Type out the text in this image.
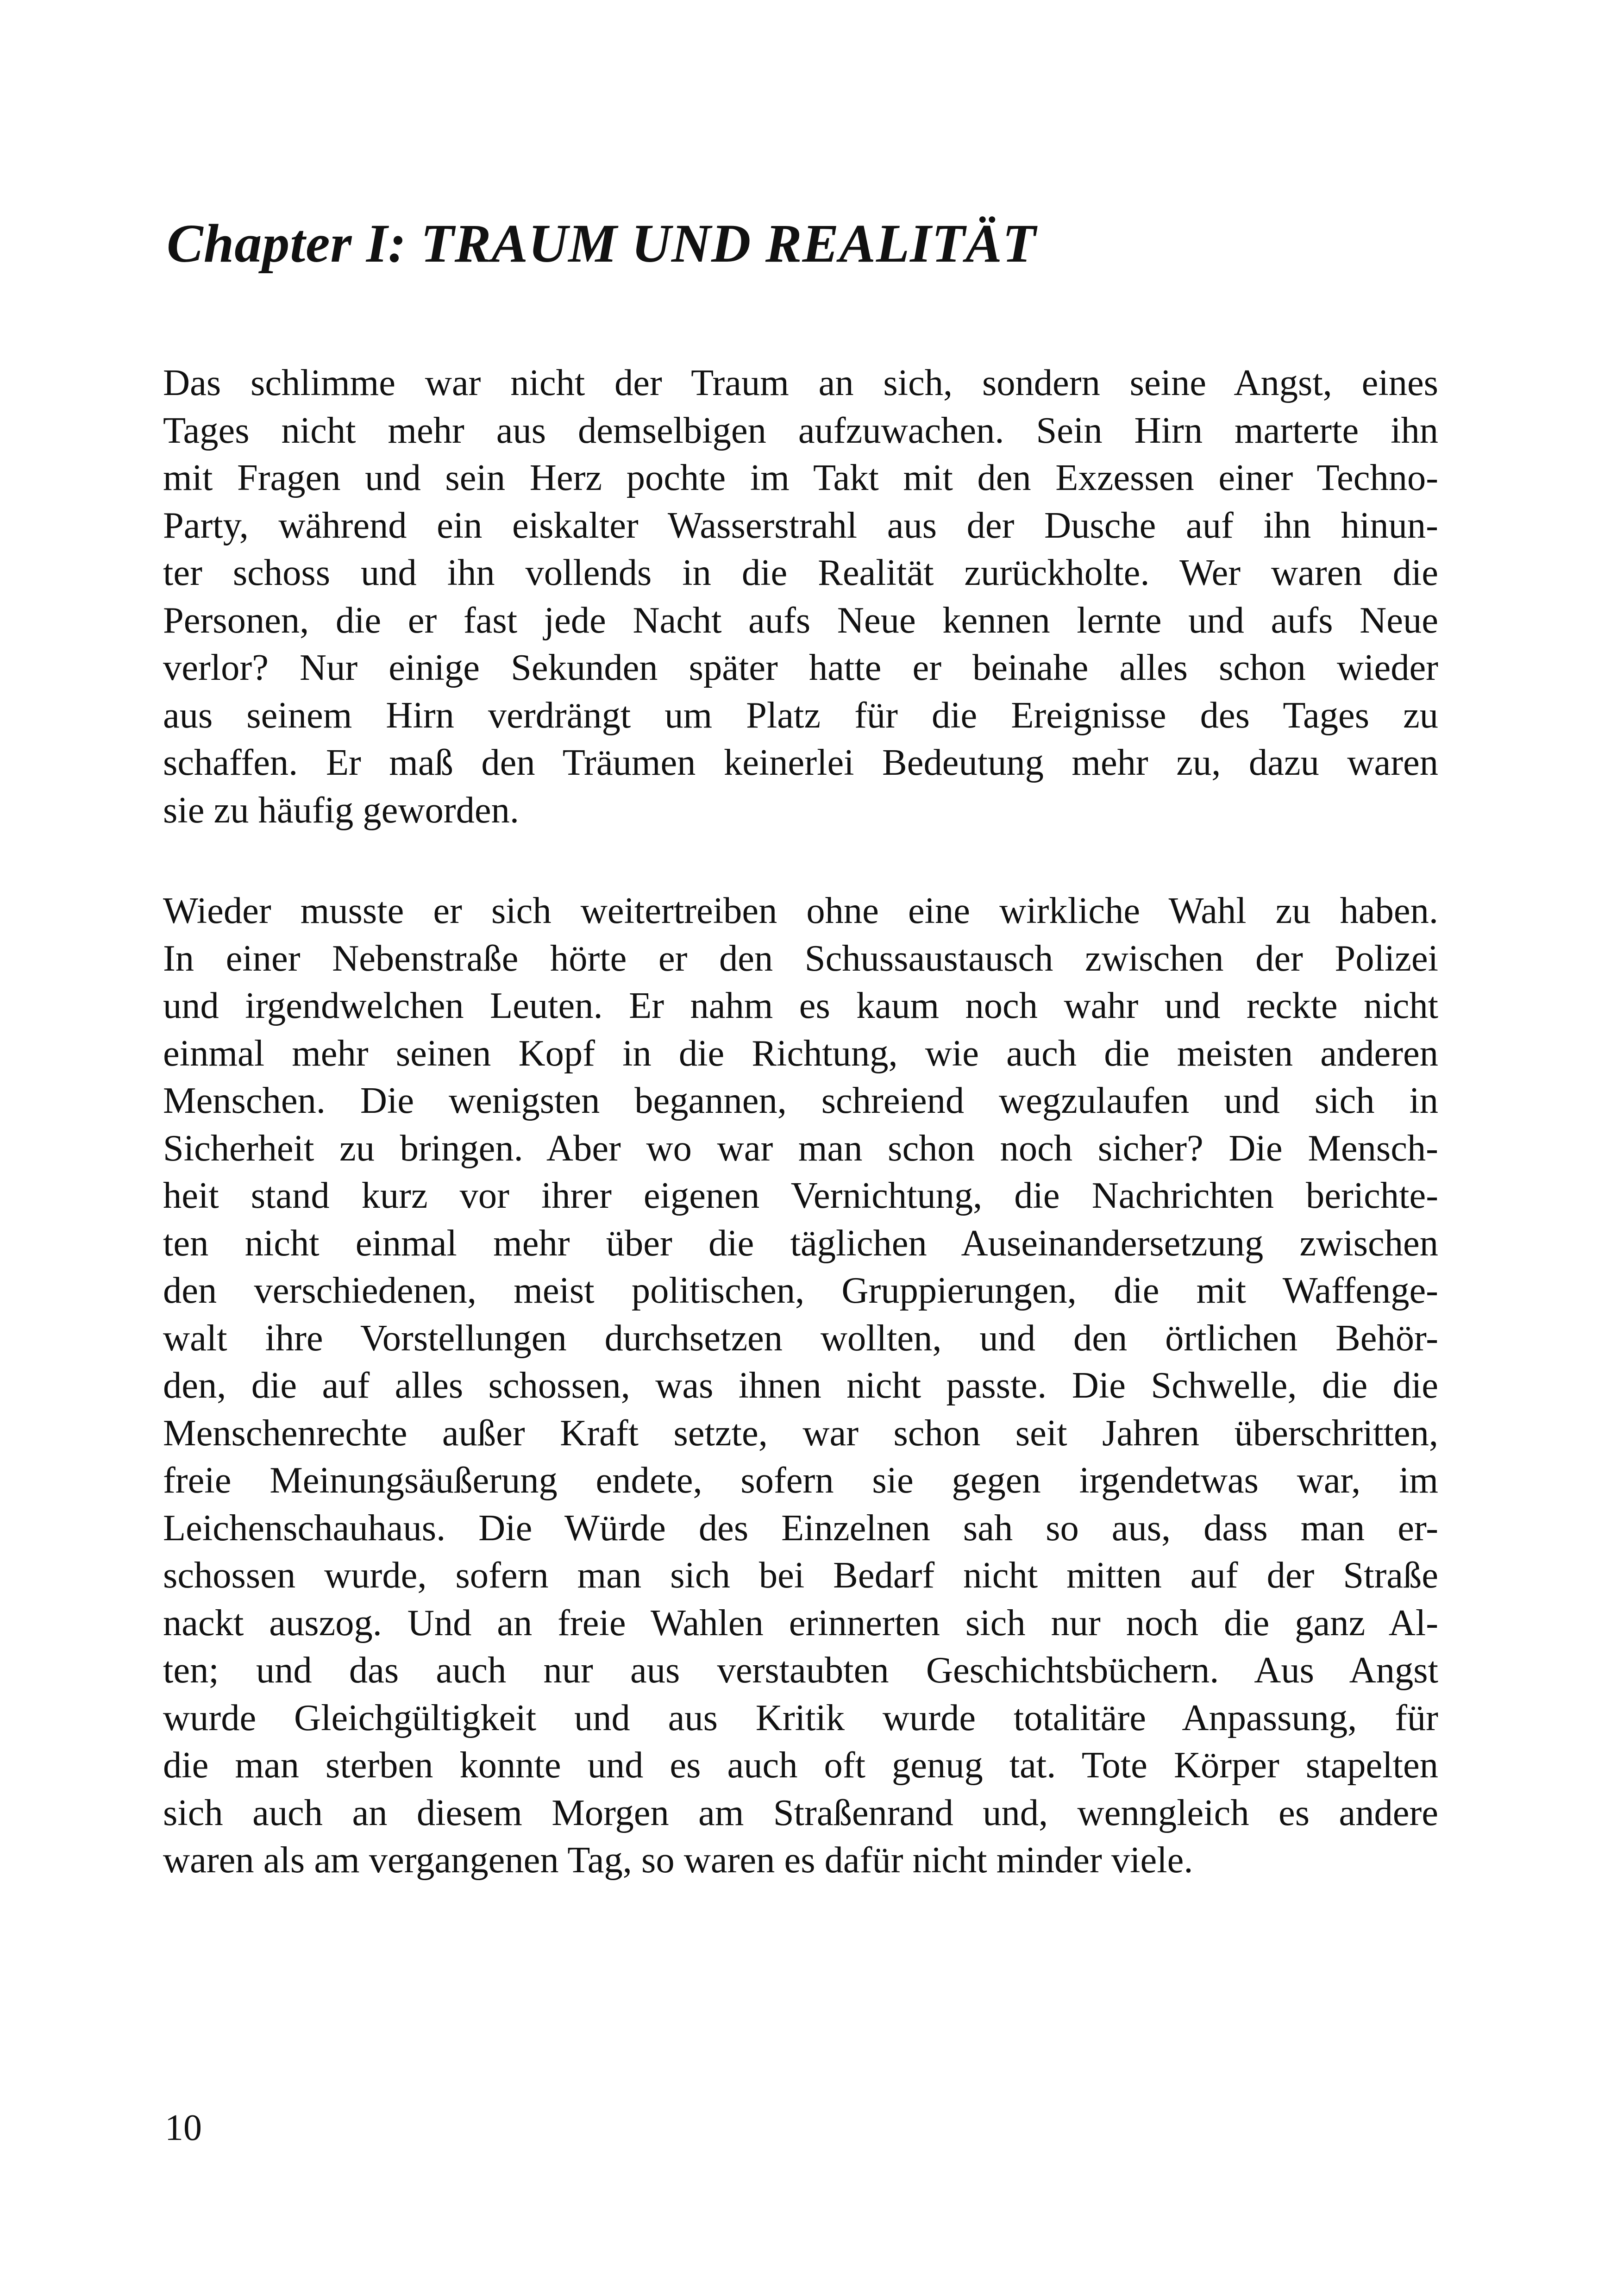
Chapter I: TRAUM UND REALITÄT
Das schlimme war nicht der Traum an sich, sondern seine Angst, eines
Tages nicht mehr aus demselbigen aufzuwachen. Sein Hirn marterte ihn
mit Fragen und sein Herz pochte im Takt mit den Exzessen einer Techno-
Party, während ein eiskalter Wasserstrahl aus der Dusche auf ihn hinun-
ter schoss und ihn vollends in die Realität zurückholte. Wer waren die
Personen, die er fast jede Nacht aufs Neue kennen lernte und aufs Neue
verlor? Nur einige Sekunden später hatte er beinahe alles schon wieder
aus seinem Hirn verdrängt um Platz für die Ereignisse des Tages zu
schaffen. Er maß den Träumen keinerlei Bedeutung mehr zu, dazu waren
sie zu häufig geworden.
Wieder musste er sich weitertreiben ohne eine wirkliche Wahl zu haben.
In einer Nebenstraße hörte er den Schussaustausch zwischen der Polizei
und irgendwelchen Leuten. Er nahm es kaum noch wahr und reckte nicht
einmal mehr seinen Kopf in die Richtung, wie auch die meisten anderen
Menschen. Die wenigsten begannen, schreiend wegzulaufen und sich in
Sicherheit zu bringen. Aber wo war man schon noch sicher? Die Mensch-
heit stand kurz vor ihrer eigenen Vernichtung, die Nachrichten berichte-
ten nicht einmal mehr über die täglichen Auseinandersetzung zwischen
den verschiedenen, meist politischen, Gruppierungen, die mit Waffenge-
walt ihre Vorstellungen durchsetzen wollten, und den örtlichen Behör-
den, die auf alles schossen, was ihnen nicht passte. Die Schwelle, die die
Menschenrechte außer Kraft setzte, war schon seit Jahren überschritten,
freie Meinungsäußerung endete, sofern sie gegen irgendetwas war, im
Leichenschauhaus. Die Würde des Einzelnen sah so aus, dass man er-
schossen wurde, sofern man sich bei Bedarf nicht mitten auf der Straße
nackt auszog. Und an freie Wahlen erinnerten sich nur noch die ganz Al-
ten; und das auch nur aus verstaubten Geschichtsbüchern. Aus Angst
wurde Gleichgültigkeit und aus Kritik wurde totalitäre Anpassung, für
die man sterben konnte und es auch oft genug tat. Tote Körper stapelten
sich auch an diesem Morgen am Straßenrand und, wenngleich es andere
waren als am vergangenen Tag, so waren es dafür nicht minder viele.

10
